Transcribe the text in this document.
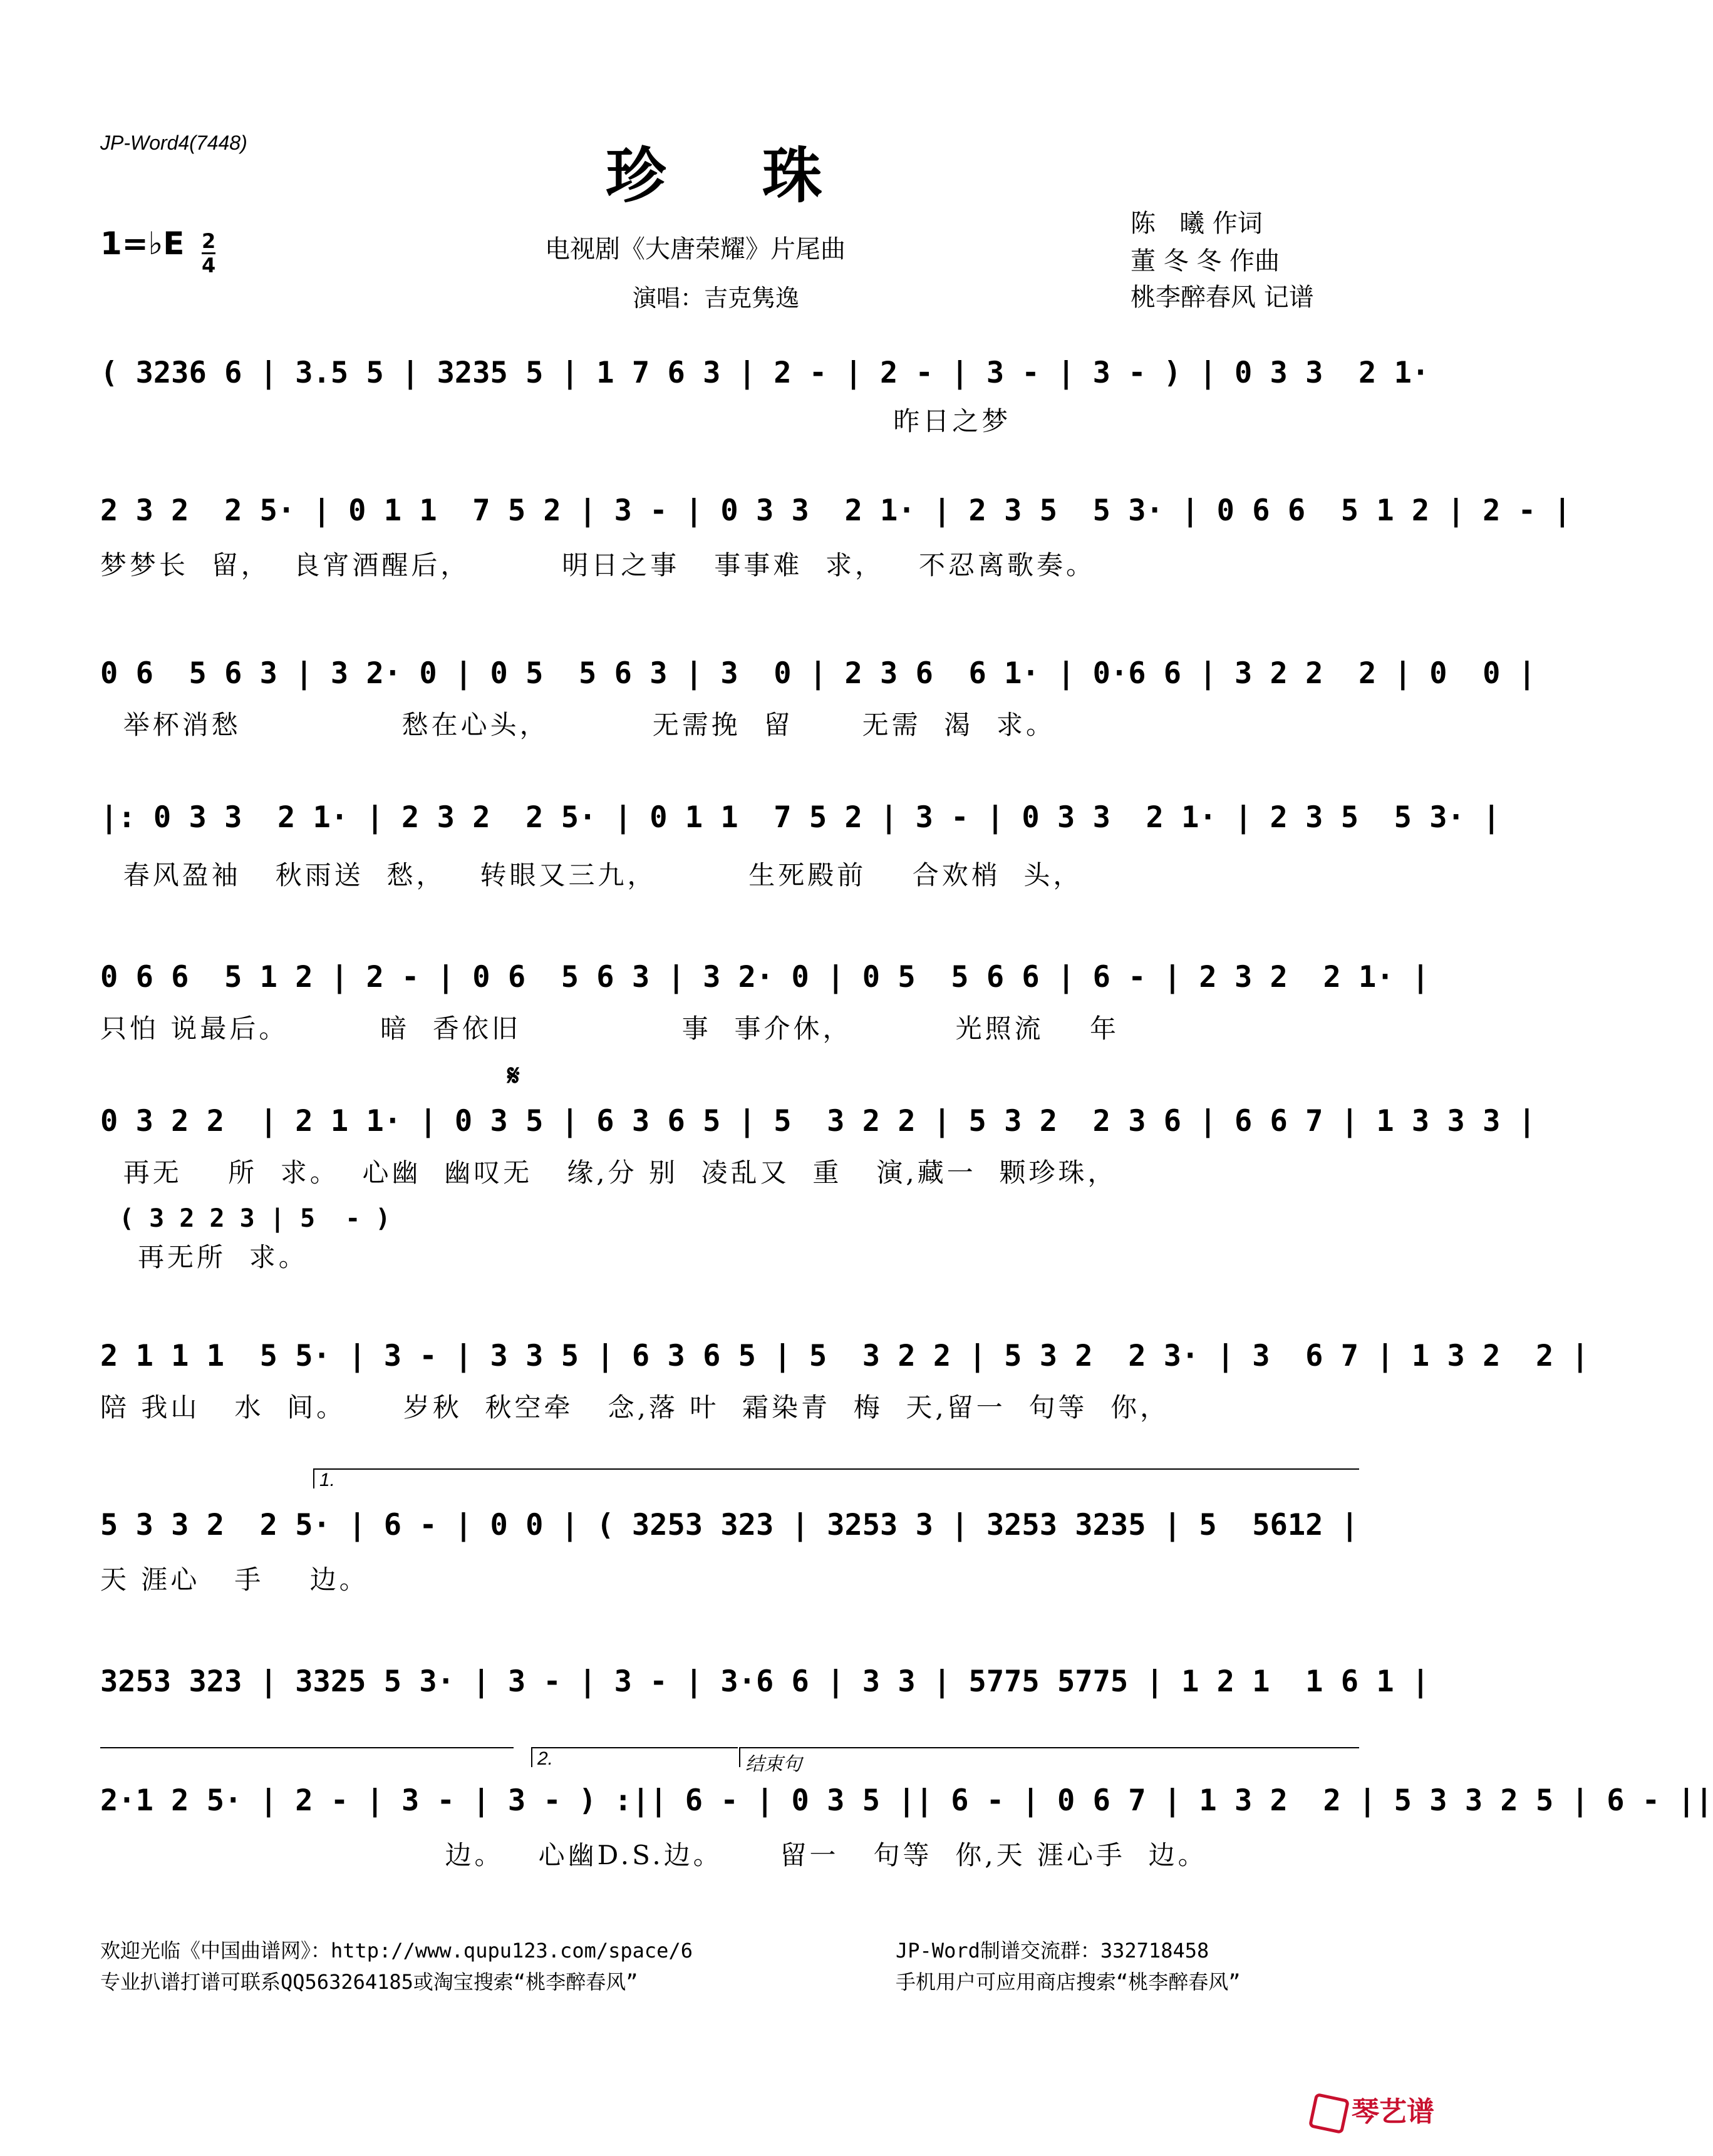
JP-Word4(7448)	珍 珠
1=♭E 2
4
电视剧《大唐荣耀》片尾曲
演唱：吉克隽逸
陈   曦 作词
董 冬 冬 作曲
桃李醉春风 记谱
( 3236 6 | 3.5 5 | 3235 5 | 1 7 6 3 | 2 - | 2 - | 3 - | 3 - ) | 0 3 3  2 1·
昨日之梦
2 3 2  2 5· | 0 1 1  7 5 2 | 3 - | 0 3 3  2 1· | 2 3 5  5 3· | 0 6 6  5 1 2 | 2 - |
梦梦长  留，  良宵酒醒后，        明日之事   事事难  求，   不忍离歌奏。
0 6  5 6 3 | 3 2· 0 | 0 5  5 6 3 | 3  0 | 2 3 6  6 1· | 0·6 6 | 3 2 2  2 | 0  0 |
举杯消愁              愁在心头，         无需挽  留      无需  渴  求。
|: 0 3 3  2 1· | 2 3 2  2 5· | 0 1 1  7 5 2 | 3 - | 0 3 3  2 1· | 2 3 5  5 3· |
春风盈袖   秋雨送  愁，   转眼又三九，        生死殿前    合欢梢  头，
0 6 6  5 1 2 | 2 - | 0 6  5 6 3 | 3 2· 0 | 0 5  5 6 6 | 6 - | 2 3 2  2 1· |
只怕 说最后。        暗  香依旧              事  事介休，         光照流    年
𝄋
0 3 2 2  | 2 1 1· | 0 3 5 | 6 3 6 5 | 5  3 2 2 | 5 3 2  2 3 6 | 6 6 7 | 1 3 3 3 |
再无    所  求。  心幽  幽叹无   缘,分 别  凌乱又  重   演,藏一  颗珍珠，
( 3 2 2 3 | 5  - )
再无所  求。
2 1 1 1  5 5· | 3 - | 3 3 5 | 6 3 6 5 | 5  3 2 2 | 5 3 2  2 3· | 3  6 7 | 1 3 2  2 |
陪 我山   水  间。     岁秋  秋空牵   念,落 叶  霜染青  梅  天,留一  句等  你，
1.
5 3 3 2  2 5· | 6 - | 0 0 | ( 3253 323 | 3253 3 | 3253 3235 | 5  5612 |
天 涯心   手    边。
3253 323 | 3325 5 3· | 3 - | 3 - | 3·6 6 | 3 3 | 5775 5775 | 1 2 1  1 6 1 |
2.	结束句
2·1 2 5· | 2 - | 3 - | 3 - ) :|| 6 - | 0 3 5 || 6 - | 0 6 7 | 1 3 2  2 | 5 3 3 2 5 | 6 - ||
边。   心幽D.S.边。     留一   句等  你,天 涯心手  边。
欢迎光临《中国曲谱网》：http://www.qupu123.com/space/6
专业扒谱打谱可联系QQ563264185或淘宝搜索“桃李醉春风”
JP-Word制谱交流群：332718458
手机用户可应用商店搜索“桃李醉春风”
琴艺谱
